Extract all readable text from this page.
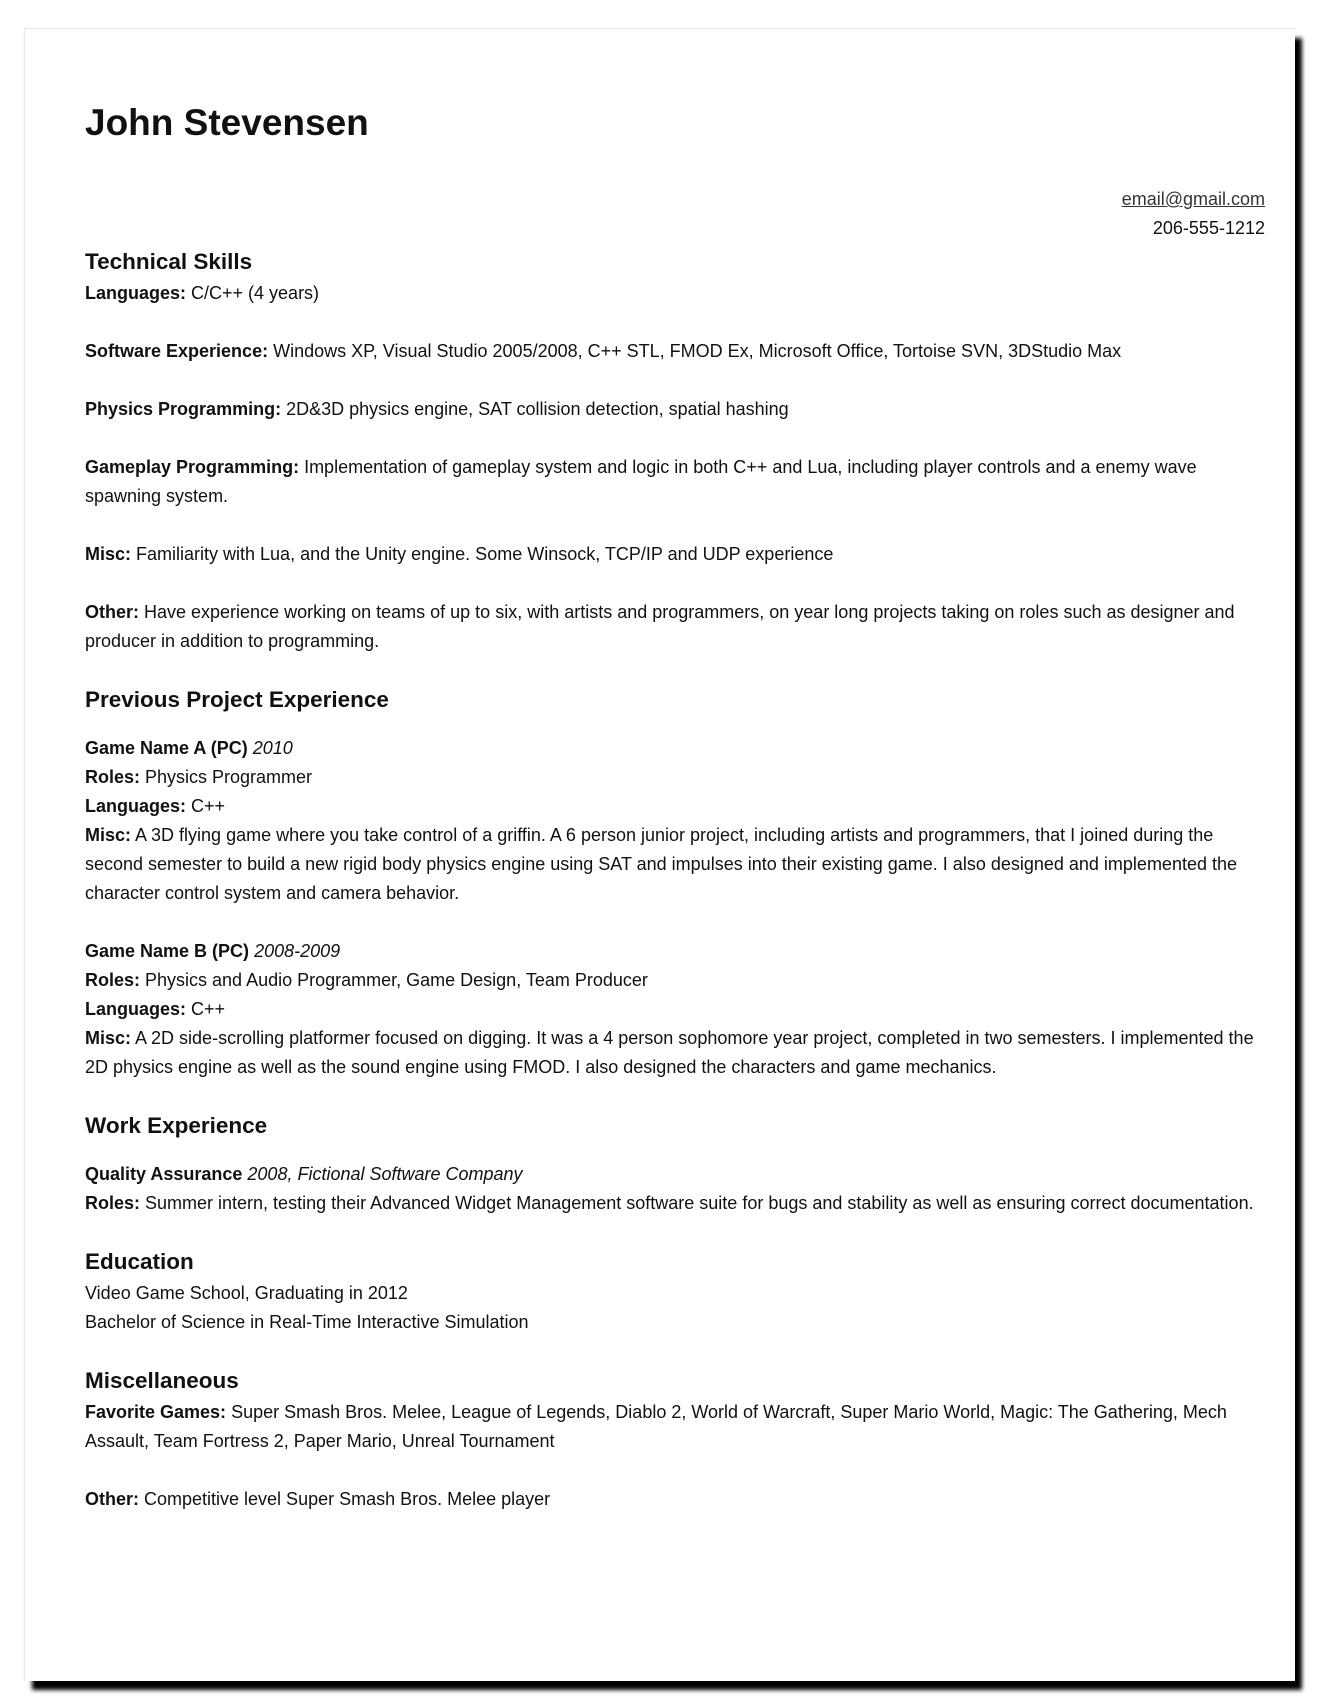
John Stevensen
email@gmail.com
206-555-1212
Technical Skills

Languages: C/C++ (4 years)

Software Experience: Windows XP, Visual Studio 2005/2008, C++ STL, FMOD Ex, Microsoft Office, Tortoise SVN, 3DStudio Max

Physics Programming: 2D&3D physics engine, SAT collision detection, spatial hashing

Gameplay Programming: Implementation of gameplay system and logic in both C++ and Lua, including player controls and a enemy wave spawning system.

Misc: Familiarity with Lua, and the Unity engine. Some Winsock, TCP/IP and UDP experience

Other: Have experience working on teams of up to six, with artists and programmers, on year long projects taking on roles such as designer and producer in addition to programming.

Previous Project Experience

Game Name A (PC) 2010

Roles: Physics Programmer

Languages: C++

Misc: A 3D flying game where you take control of a griffin. A 6 person junior project, including artists and programmers, that I joined during the second semester to build a new rigid body physics engine using SAT and impulses into their existing game. I also designed and implemented the character control system and camera behavior.

Game Name B (PC) 2008-2009

Roles: Physics and Audio Programmer, Game Design, Team Producer

Languages: C++

Misc: A 2D side-scrolling platformer focused on digging. It was a 4 person sophomore year project, completed in two semesters. I implemented the 2D physics engine as well as the sound engine using FMOD. I also designed the characters and game mechanics.

Work Experience

Quality Assurance 2008, Fictional Software Company

Roles: Summer intern, testing their Advanced Widget Management software suite for bugs and stability as well as ensuring correct documentation.

Education

Video Game School, Graduating in 2012

Bachelor of Science in Real-Time Interactive Simulation

Miscellaneous

Favorite Games: Super Smash Bros. Melee, League of Legends, Diablo 2, World of Warcraft, Super Mario World, Magic: The Gathering, Mech Assault, Team Fortress 2, Paper Mario, Unreal Tournament

Other: Competitive level Super Smash Bros. Melee player
